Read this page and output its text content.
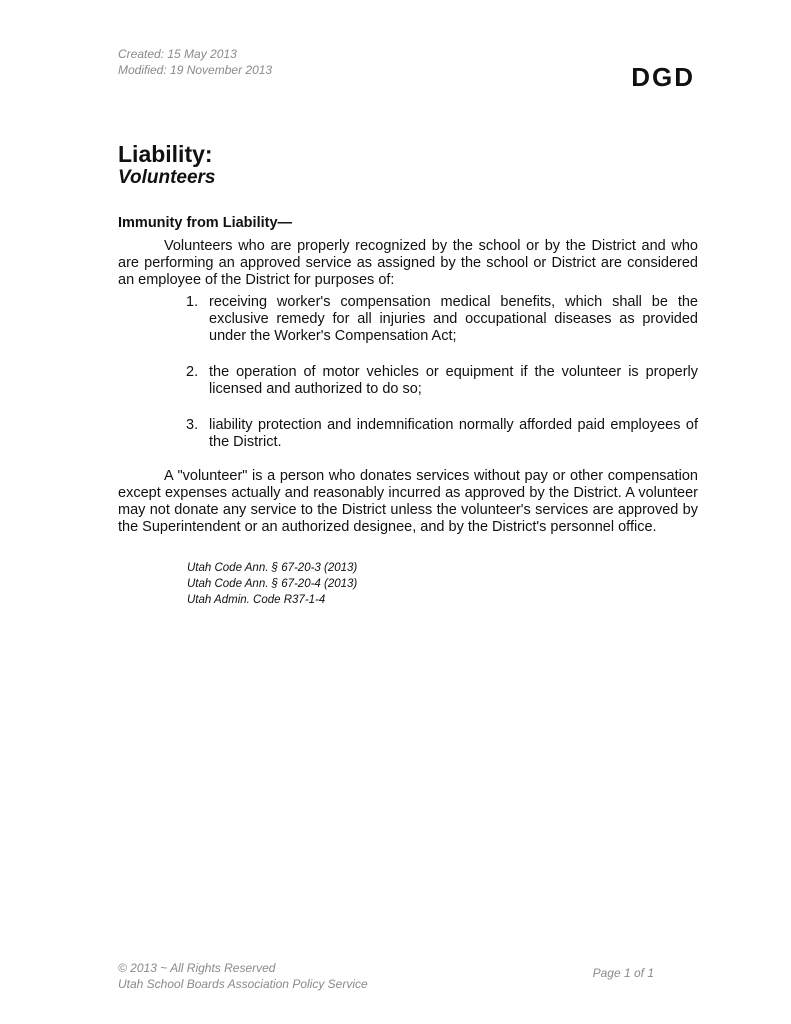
Created: 15 May 2013
Modified: 19 November 2013	DGD
Liability:
Volunteers
Immunity from Liability—

Volunteers who are properly recognized by the school or by the District and who are performing an approved service as assigned by the school or District are considered an employee of the District for purposes of:

1. receiving worker's compensation medical benefits, which shall be the exclusive remedy for all injuries and occupational diseases as provided under the Worker's Compensation Act;
2. the operation of motor vehicles or equipment if the volunteer is properly licensed and authorized to do so;
3. liability protection and indemnification normally afforded paid employees of the District.

A "volunteer" is a person who donates services without pay or other compensation except expenses actually and reasonably incurred as approved by the District. A volunteer may not donate any service to the District unless the volunteer's services are approved by the Superintendent or an authorized designee, and by the District's personnel office.

Utah Code Ann. § 67-20-3 (2013)
Utah Code Ann. § 67-20-4 (2013)
Utah Admin. Code R37-1-4
© 2013 ~ All Rights Reserved
Utah School Boards Association Policy Service
Page 1 of 1
